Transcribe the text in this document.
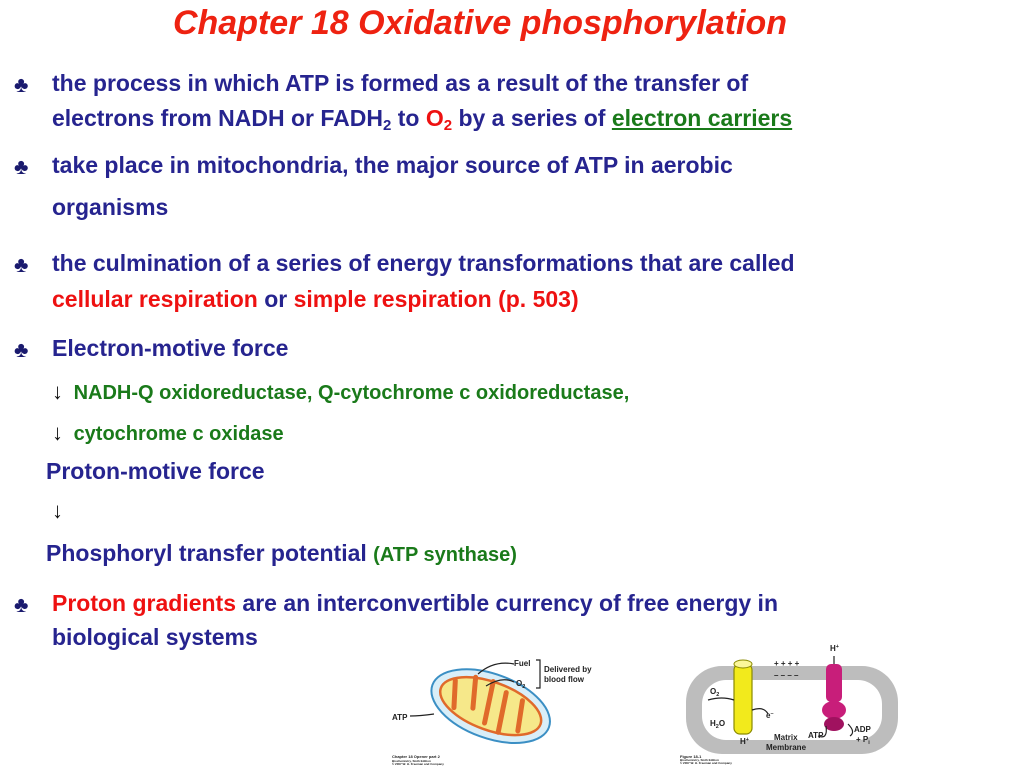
Chapter 18 Oxidative phosphorylation
♣ the process in which ATP is formed as a result of the transfer of
electrons from NADH or $FADH_2$ to $O_2$ by a series of electron carriers
♣ take place in mitochondria, the major source of ATP in aerobic
organisms
♣ the culmination of a series of energy transformations that are called
cellular respiration or simple respiration (p. 503)
♣ Electron-motive force
↓ NADH-Q oxidoreductase, Q-cytochrome c oxidoreductase,
↓ cytochrome c oxidase
Proton-motive force
↓
Phosphoryl transfer potential (ATP synthase)
♣ Proton gradients are an interconvertible currency of free energy in
biological systems
Fuel
$O_2$
Delivered by
blood flow
ATP
Chapter 18 Opener part 2
Biochemistry, Sixth Edition
© 2007 W. H. Freeman and Company
H+
+ + + +
– – – –
$O_2$
e–
$H_2O$
H+	Matrix ATP
ADP
+ $P_i$
Membrane
Figure 18-1
Biochemistry, Sixth Edition
© 2007 W. H. Freeman and Company
